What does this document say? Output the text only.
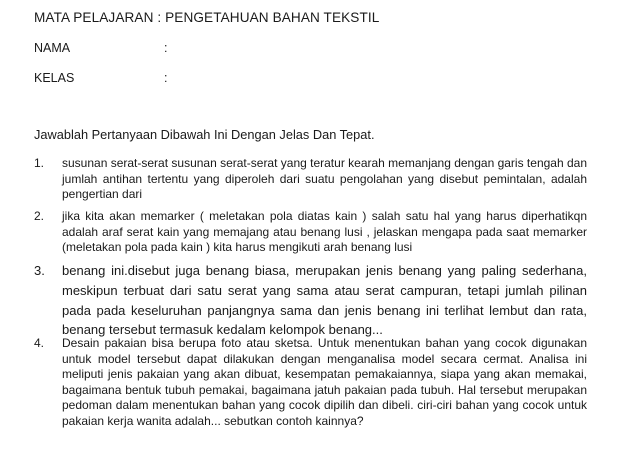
MATA PELAJARAN : PENGETAHUAN BAHAN TEKSTIL
NAMA	:
KELAS	:
Jawablah Pertanyaan Dibawah Ini Dengan Jelas Dan Tepat.
1.	susunan serat-serat susunan serat-serat yang teratur kearah memanjang dengan garis tengah dan jumlah antihan tertentu yang diperoleh dari suatu pengolahan yang disebut pemintalan, adalah pengertian dari
2.	jika kita akan memarker ( meletakan pola diatas kain ) salah satu hal yang harus diperhatikqn adalah araf serat kain yang memajang atau benang lusi , jelaskan mengapa pada saat memarker (meletakan pola pada kain ) kita harus mengikuti arah benang lusi
3.	benang ini.disebut juga benang biasa, merupakan jenis benang yang paling sederhana, meskipun terbuat dari satu serat yang sama atau serat campuran, tetapi jumlah pilinan pada pada keseluruhan panjangnya sama dan jenis benang ini terlihat lembut dan rata, benang tersebut termasuk kedalam kelompok benang...
4.	Desain pakaian bisa berupa foto atau sketsa. Untuk menentukan bahan yang cocok digunakan untuk model tersebut dapat dilakukan dengan menganalisa model secara cermat. Analisa ini meliputi jenis pakaian yang akan dibuat, kesempatan pemakaiannya, siapa yang akan memakai, bagaimana bentuk tubuh pemakai, bagaimana jatuh pakaian pada tubuh. Hal tersebut merupakan pedoman dalam menentukan bahan yang cocok dipilih dan dibeli. ciri-ciri bahan yang cocok untuk pakaian kerja wanita adalah... sebutkan contoh kainnya?
